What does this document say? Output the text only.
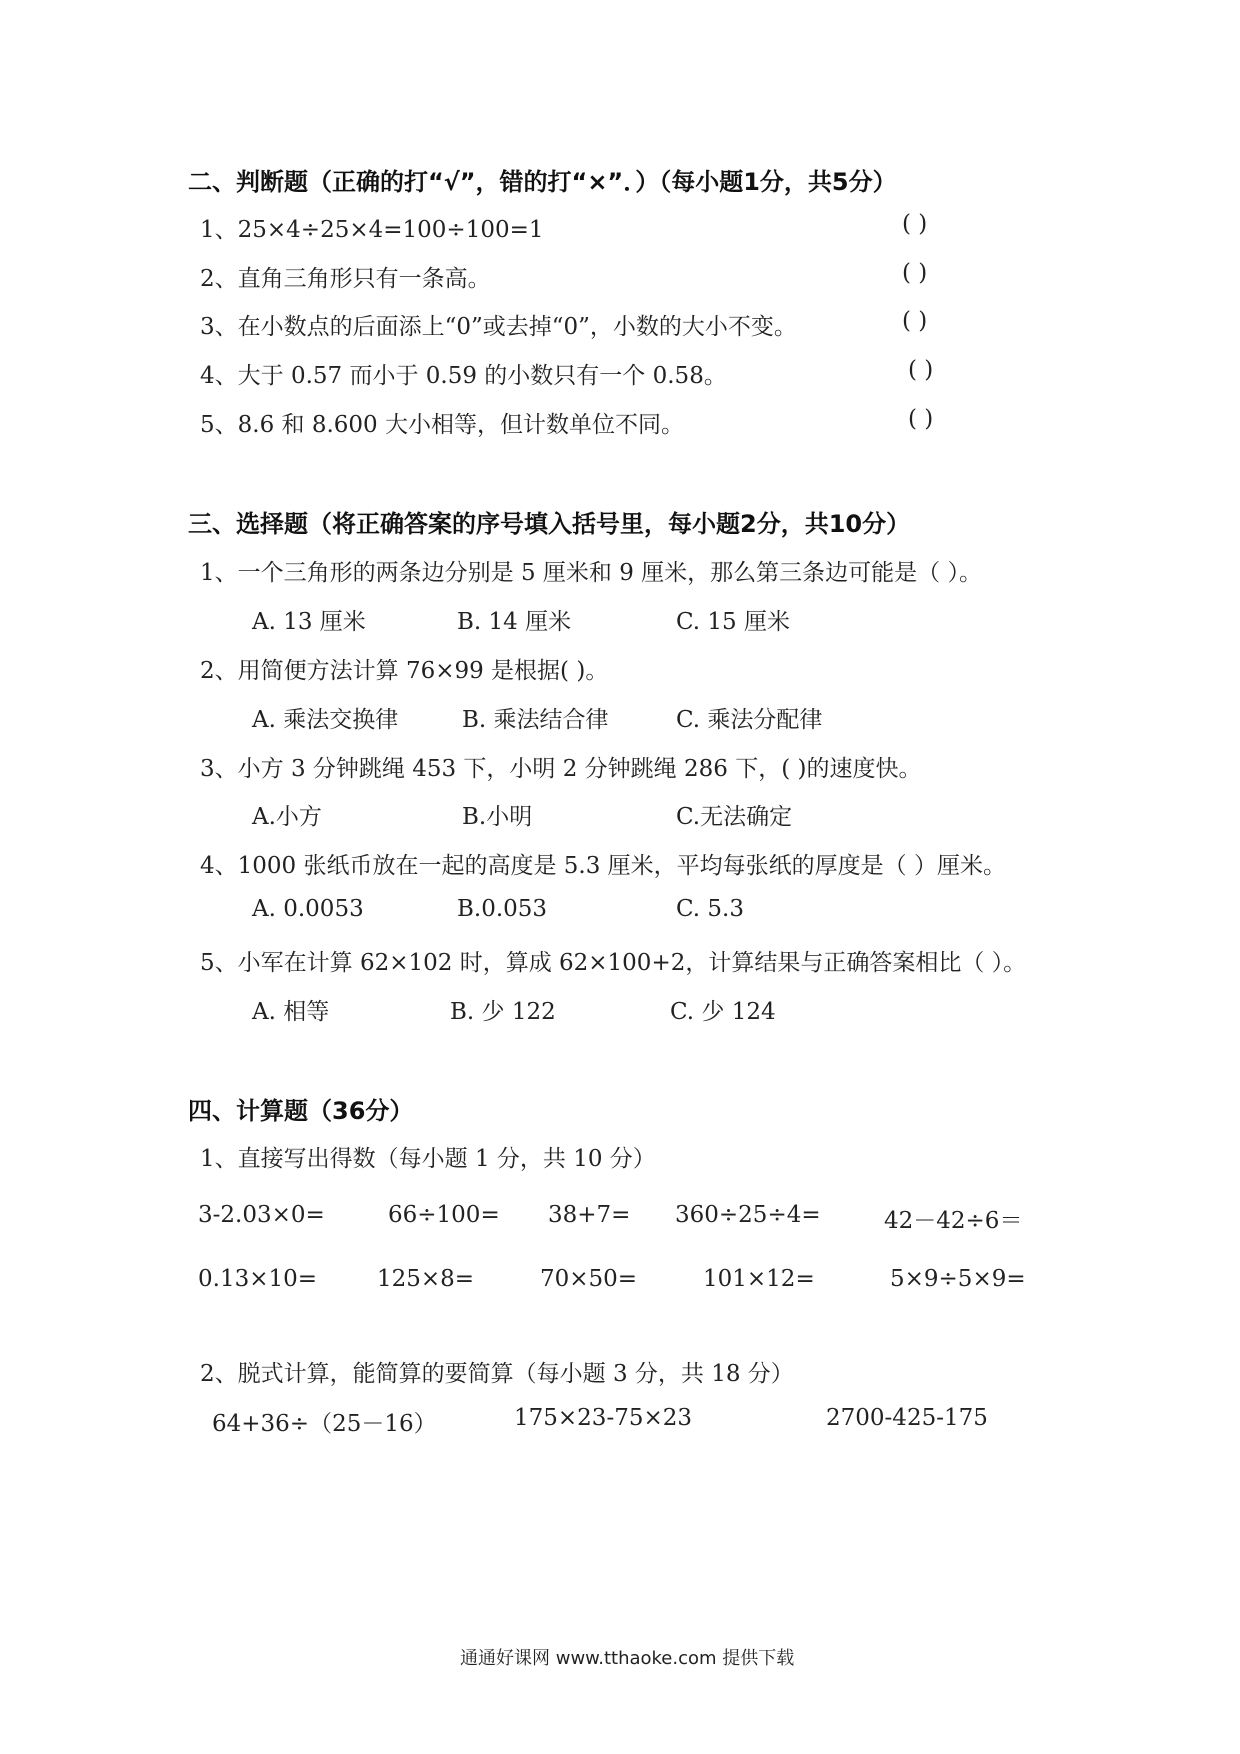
二、判断题（正确的打“√”，错的打“×”．）（每小题1分，共5分）
1、25×4÷25×4=100÷100=1	( )
2、直角三角形只有一条高。	( )
3、在小数点的后面添上“0”或去掉“0”，小数的大小不变。	( )
4、大于 0.57 而小于 0.59 的小数只有一个 0.58。	( )
5、8.6 和 8.600 大小相等，但计数单位不同。	( )
三、选择题（将正确答案的序号填入括号里，每小题2分，共10分）
1、一个三角形的两条边分别是 5 厘米和 9 厘米，那么第三条边可能是（ ）。
A. 13 厘米	B. 14 厘米	C. 15 厘米
2、用简便方法计算 76×99 是根据( )。
A. 乘法交换律	B. 乘法结合律	C. 乘法分配律
3、小方 3 分钟跳绳 453 下，小明 2 分钟跳绳 286 下，( )的速度快。
A.小方	B.小明	C.无法确定
4、1000 张纸币放在一起的高度是 5.3 厘米，平均每张纸的厚度是（ ）厘米。
A. 0.0053	B.0.053	C. 5.3
5、小军在计算 62×102 时，算成 62×100+2，计算结果与正确答案相比（ ）。
A. 相等	B. 少 122	C. 少 124
四、计算题（36分）
1、直接写出得数（每小题 1 分，共 10 分）
3-2.03×0=	66÷100= 38+7= 360÷25÷4=	42－42÷6＝
0.13×10=	125×8=	70×50=	101×12=	5×9÷5×9=
2、脱式计算，能简算的要简算（每小题 3 分，共 18 分）
64+36÷（25－16）	175×23-75×23	2700-425-175
通通好课网 www.tthaoke.com 提供下载
